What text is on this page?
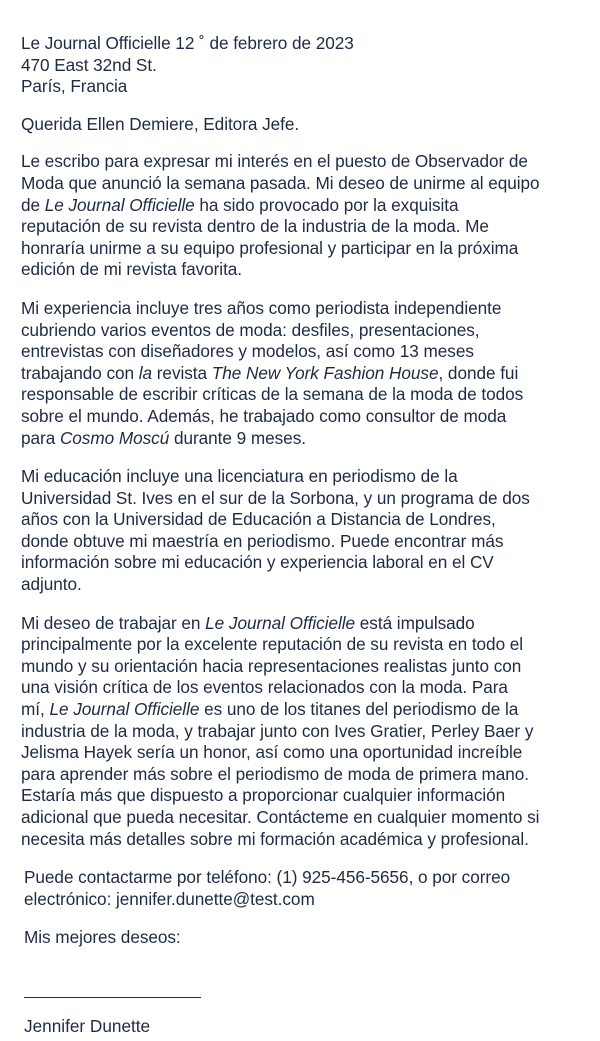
Le Journal Officielle 12 ˚ de febrero de 2023
470 East 32nd St.
París, Francia
Querida Ellen Demiere, Editora Jefe.
Le escribo para expresar mi interés en el puesto de Observador de
Moda que anunció la semana pasada. Mi deseo de unirme al equipo
de Le Journal Officielle ha sido provocado por la exquisita
reputación de su revista dentro de la industria de la moda. Me
honraría unirme a su equipo profesional y participar en la próxima
edición de mi revista favorita.
Mi experiencia incluye tres años como periodista independiente
cubriendo varios eventos de moda: desfiles, presentaciones,
entrevistas con diseñadores y modelos, así como 13 meses
trabajando con la revista The New York Fashion House, donde fui
responsable de escribir críticas de la semana de la moda de todos
sobre el mundo. Además, he trabajado como consultor de moda
para Cosmo Moscú durante 9 meses.
Mi educación incluye una licenciatura en periodismo de la
Universidad St. Ives en el sur de la Sorbona, y un programa de dos
años con la Universidad de Educación a Distancia de Londres,
donde obtuve mi maestría en periodismo. Puede encontrar más
información sobre mi educación y experiencia laboral en el CV
adjunto.
Mi deseo de trabajar en Le Journal Officielle está impulsado
principalmente por la excelente reputación de su revista en todo el
mundo y su orientación hacia representaciones realistas junto con
una visión crítica de los eventos relacionados con la moda. Para
mí, Le Journal Officielle es uno de los titanes del periodismo de la
industria de la moda, y trabajar junto con Ives Gratier, Perley Baer y
Jelisma Hayek sería un honor, así como una oportunidad increíble
para aprender más sobre el periodismo de moda de primera mano.
Estaría más que dispuesto a proporcionar cualquier información
adicional que pueda necesitar. Contácteme en cualquier momento si
necesita más detalles sobre mi formación académica y profesional.
Puede contactarme por teléfono: (1) 925-456-5656, o por correo
electrónico: jennifer.dunette@test.com
Mis mejores deseos:
Jennifer Dunette
